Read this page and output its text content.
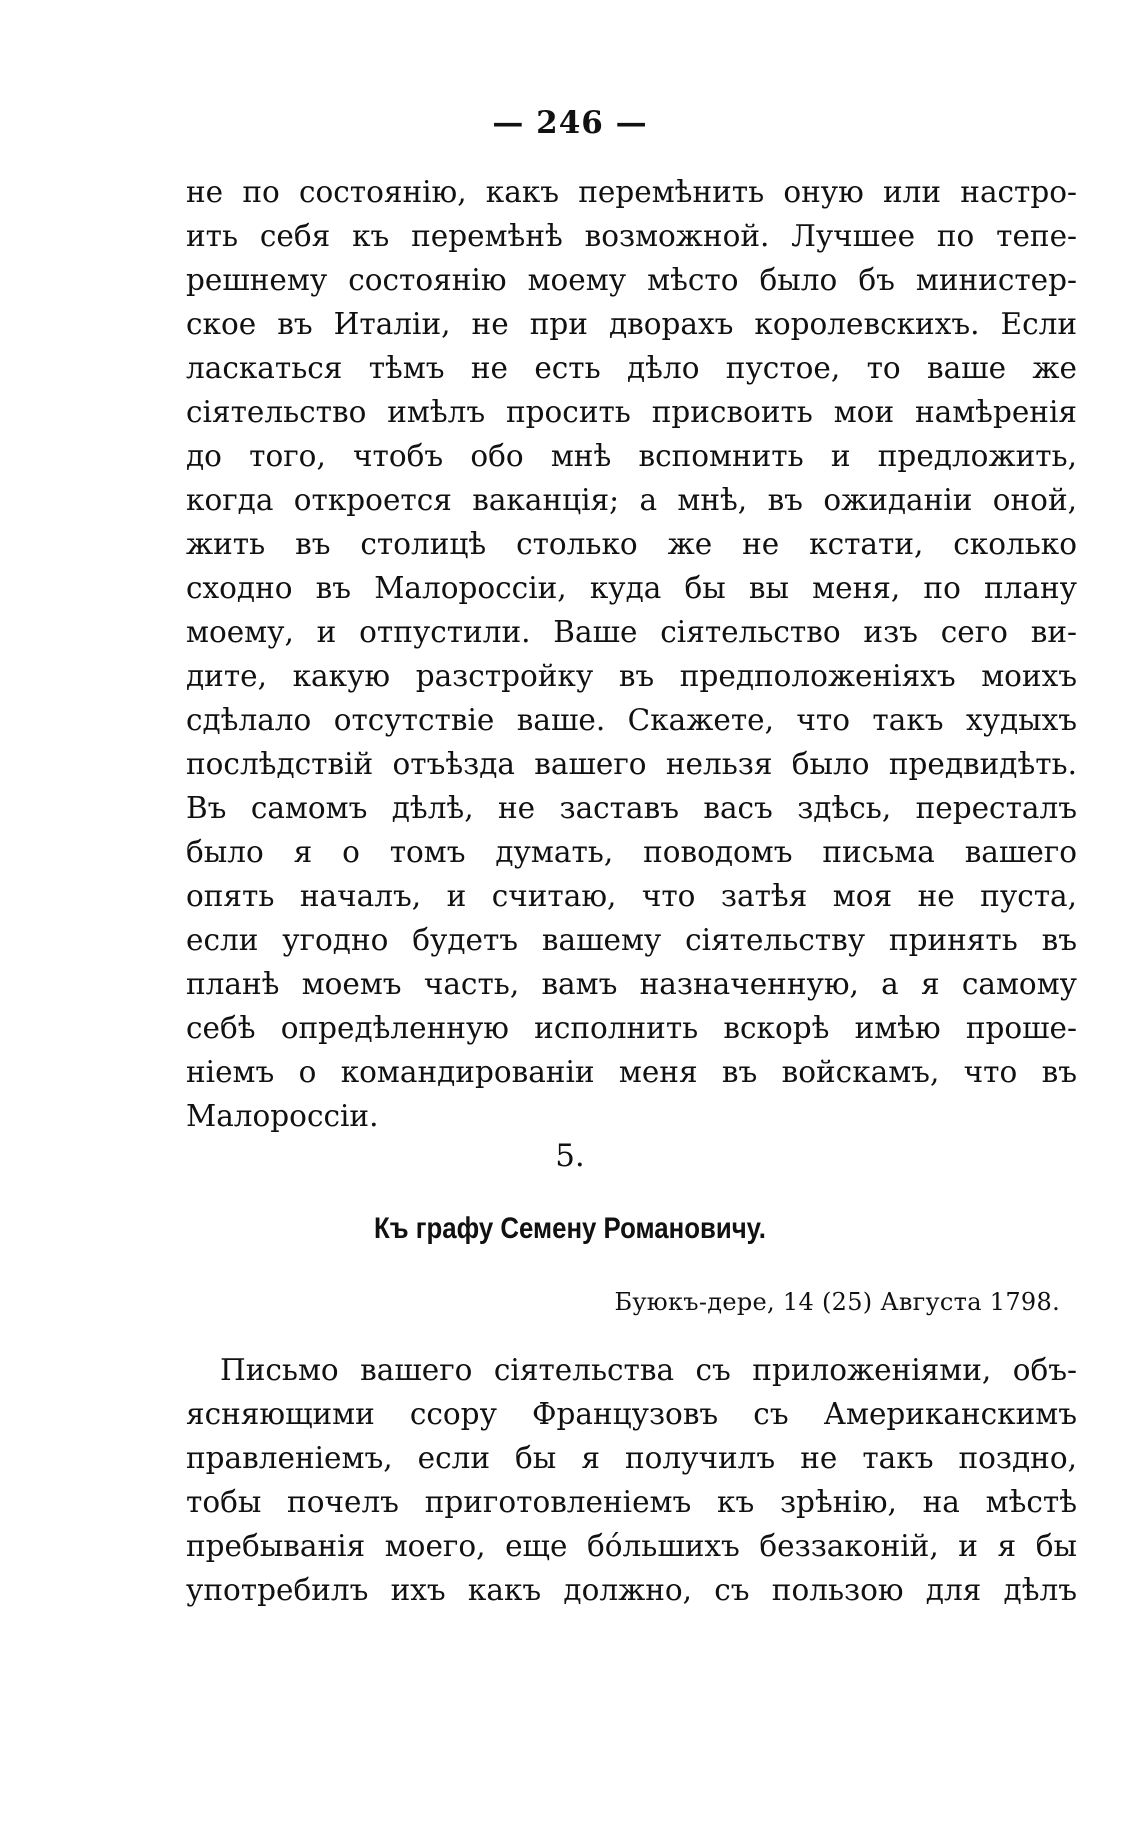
— 246 —
не по состоянію, какъ перемѣнить оную или настро-
ить себя къ перемѣнѣ возможной. Лучшее по тепе-
решнему состоянію моему мѣсто было бъ министер-
ское въ Италіи, не при дворахъ королевскихъ. Если
ласкаться тѣмъ не есть дѣло пустое, то ваше же
сіятельство имѣлъ просить присвоить мои намѣренія
до того, чтобъ обо мнѣ вспомнить и предложить,
когда откроется ваканція; а мнѣ, въ ожиданіи оной,
жить въ столицѣ столько же не кстати, сколько
сходно въ Малороссіи, куда бы вы меня, по плану
моему, и отпустили. Ваше сіятельство изъ сего ви-
дите, какую разстройку въ предположеніяхъ моихъ
сдѣлало отсутствіе ваше. Скажете, что такъ худыхъ
послѣдствій отъѣзда вашего нельзя было предвидѣть.
Въ самомъ дѣлѣ, не заставъ васъ здѣсь, пересталъ
было я о томъ думать, поводомъ письма вашего
опять началъ, и считаю, что затѣя моя не пуста,
если угодно будетъ вашему сіятельству принять въ
планѣ моемъ часть, вамъ назначенную, а я самому
себѣ опредѣленную исполнить вскорѣ имѣю проше-
ніемъ о командированіи меня въ войскамъ, что въ
Малороссіи.
5.
Къ графу Семену Романовичу.
Буюкъ-дере, 14 (25) Августа 1798.
Письмо вашего сіятельства съ приложеніями, объ-
ясняющими ссору Французовъ съ Американскимъ
правленіемъ, если бы я получилъ не такъ поздно,
тобы почелъ приготовленіемъ къ зрѣнію, на мѣстѣ
пребыванія моего, еще бо́льшихъ беззаконій, и я бы
употребилъ ихъ какъ должно, съ пользою для дѣлъ
